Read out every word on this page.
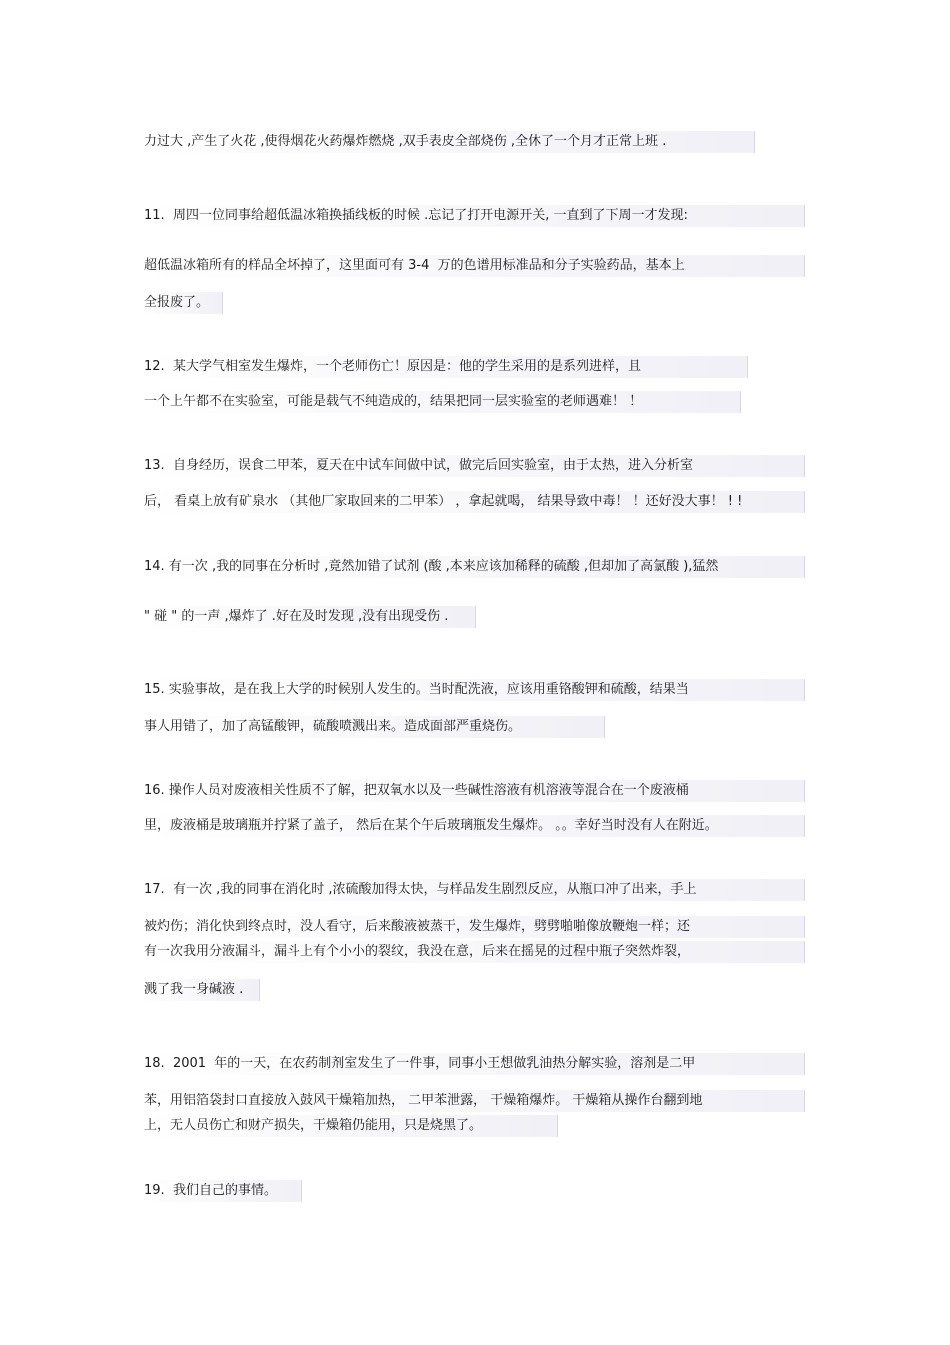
力过大 ,产生了火花 ,使得烟花火药爆炸燃烧 ,双手表皮全部烧伤 ,全休了一个月才正常上班 .
11.  周四一位同事给超低温冰箱换插线板的时候 .忘记了打开电源开关, 一直到了下周一才发现:
超低温冰箱所有的样品全坏掉了，这里面可有 3-4  万的色谱用标准品和分子实验药品，基本上
全报废了。
12.  某大学气相室发生爆炸，一个老师伤亡！原因是：他的学生采用的是系列进样，且
一个上午都不在实验室，可能是载气不纯造成的，结果把同一层实验室的老师遇难！ ！
13.  自身经历，误食二甲苯，夏天在中试车间做中试，做完后回实验室，由于太热，进入分析室
后， 看桌上放有矿泉水 （其他厂家取回来的二甲苯） ，拿起就喝， 结果导致中毒！ ！还好没大事！ ! !
14. 有一次 ,我的同事在分析时 ,竟然加错了试剂 (酸 ,本来应该加稀释的硫酸 ,但却加了高氯酸 ),猛然
" 碰 " 的一声 ,爆炸了 .好在及时发现 ,没有出现受伤 .
15. 实验事故，是在我上大学的时候别人发生的。当时配洗液，应该用重铬酸钾和硫酸，结果当
事人用错了，加了高锰酸钾，硫酸喷溅出来。造成面部严重烧伤。
16. 操作人员对废液相关性质不了解，把双氧水以及一些碱性溶液有机溶液等混合在一个废液桶
里，废液桶是玻璃瓶并拧紧了盖子， 然后在某个午后玻璃瓶发生爆炸。 。。幸好当时没有人在附近。
17.  有一次 ,我的同事在消化时 ,浓硫酸加得太快，与样品发生剧烈反应，从瓶口冲了出来，手上
被灼伤；消化快到终点时，没人看守，后来酸液被蒸干，发生爆炸，劈劈啪啪像放鞭炮一样；还
有一次我用分液漏斗，漏斗上有个小小的裂纹，我没在意，后来在摇晃的过程中瓶子突然炸裂，
溅了我一身碱液 .
18.  2001  年的一天，在农药制剂室发生了一件事，同事小王想做乳油热分解实验，溶剂是二甲
苯，用铝箔袋封口直接放入鼓风干燥箱加热， 二甲苯泄露， 干燥箱爆炸。 干燥箱从操作台翻到地
上，无人员伤亡和财产损失，干燥箱仍能用，只是烧黑了。
19.  我们自己的事情。
